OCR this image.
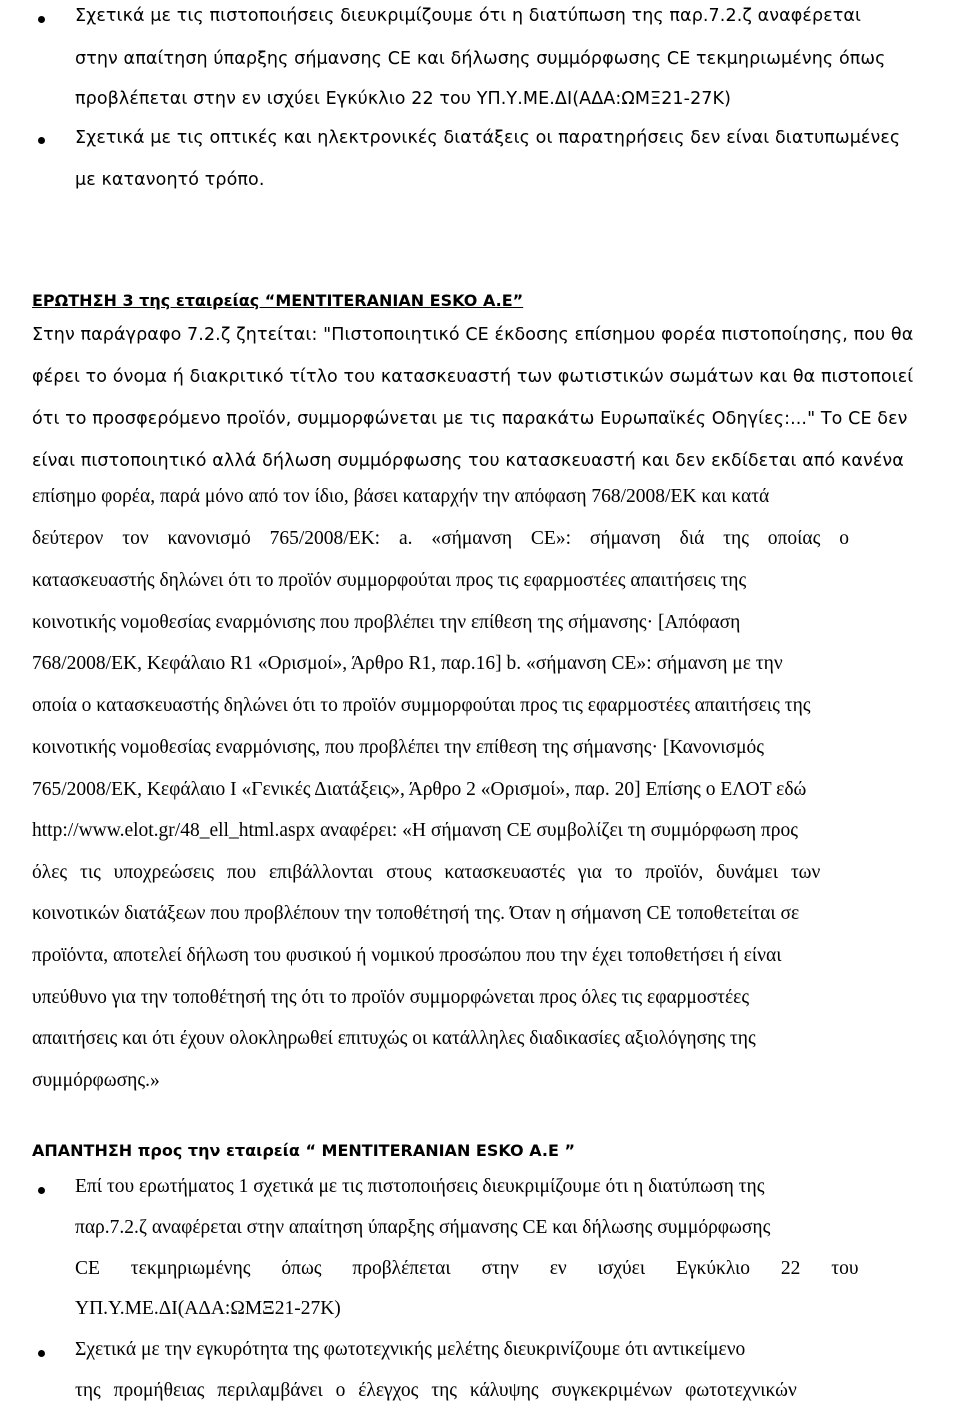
Σχετικά με τις πιστοποιήσεις διευκριμίζουμε ότι η διατύπωση της παρ.7.2.ζ αναφέρεται
στην απαίτηση ύπαρξης σήμανσης CE και δήλωσης συμμόρφωσης CE τεκμηριωμένης όπως
προβλέπεται στην εν ισχύει Εγκύκλιο 22 του ΥΠ.Υ.ΜΕ.ΔΙ(ΑΔΑ:ΩΜΞ21-27Κ)
Σχετικά με τις οπτικές και ηλεκτρονικές διατάξεις οι παρατηρήσεις δεν είναι διατυπωμένες
με κατανοητό τρόπο.
ΕΡΩΤΗΣΗ 3 της εταιρείας “MENTITERANIAN ESKO A.E”
Στην παράγραφο 7.2.ζ ζητείται: "Πιστοποιητικό CE έκδοσης επίσημου φορέα πιστοποίησης, που θα
φέρει το όνομα ή διακριτικό τίτλο του κατασκευαστή των φωτιστικών σωμάτων και θα πιστοποιεί
ότι το προσφερόμενο προϊόν, συμμορφώνεται με τις παρακάτω Ευρωπαϊκές Οδηγίες:..." Το CE δεν
είναι πιστοποιητικό αλλά δήλωση συμμόρφωσης του κατασκευαστή και δεν εκδίδεται από κανένα
επίσημο φορέα, παρά μόνο από τον ίδιο, βάσει καταρχήν την απόφαση 768/2008/ΕΚ και κατά
δεύτερον τον κανονισμό 765/2008/ΕΚ: a. «σήμανση CE»: σήμανση διά της οποίας ο
κατασκευαστής δηλώνει ότι το προϊόν συμμορφούται προς τις εφαρμοστέες απαιτήσεις της
κοινοτικής νομοθεσίας εναρμόνισης που προβλέπει την επίθεση της σήμανσης· [Απόφαση
768/2008/ΕΚ, Κεφάλαιο R1 «Ορισμοί», Άρθρο R1, παρ.16] b. «σήμανση CE»: σήμανση με την
οποία ο κατασκευαστής δηλώνει ότι το προϊόν συμμορφούται προς τις εφαρμοστέες απαιτήσεις της
κοινοτικής νομοθεσίας εναρμόνισης, που προβλέπει την επίθεση της σήμανσης· [Κανονισμός
765/2008/ΕΚ, Κεφάλαιο I «Γενικές Διατάξεις», Άρθρο 2 «Ορισμοί», παρ. 20] Επίσης ο ΕΛΟΤ εδώ
http://www.elot.gr/48_ell_html.aspx αναφέρει: «Η σήμανση CE συμβολίζει τη συμμόρφωση προς
όλες τις υποχρεώσεις που επιβάλλονται στους κατασκευαστές για το προϊόν, δυνάμει των
κοινοτικών διατάξεων που προβλέπουν την τοποθέτησή της. Όταν η σήμανση CE τοποθετείται σε
προϊόντα, αποτελεί δήλωση του φυσικού ή νομικού προσώπου που την έχει τοποθετήσει ή είναι
υπεύθυνο για την τοποθέτησή της ότι το προϊόν συμμορφώνεται προς όλες τις εφαρμοστέες
απαιτήσεις και ότι έχουν ολοκληρωθεί επιτυχώς οι κατάλληλες διαδικασίες αξιολόγησης της
συμμόρφωσης.»
ΑΠΑΝΤΗΣΗ προς την εταιρεία “ MENTITERANIAN ESKO A.E ”
Επί του ερωτήματος 1 σχετικά με τις πιστοποιήσεις διευκριμίζουμε ότι η διατύπωση της
παρ.7.2.ζ αναφέρεται στην απαίτηση ύπαρξης σήμανσης CE και δήλωσης συμμόρφωσης
CE τεκμηριωμένης όπως προβλέπεται στην εν ισχύει Εγκύκλιο 22 του
ΥΠ.Υ.ΜΕ.ΔΙ(ΑΔΑ:ΩΜΞ21-27Κ)
Σχετικά με την εγκυρότητα της φωτοτεχνικής μελέτης διευκρινίζουμε ότι αντικείμενο
της προμήθειας περιλαμβάνει ο έλεγχος της κάλυψης συγκεκριμένων φωτοτεχνικών
